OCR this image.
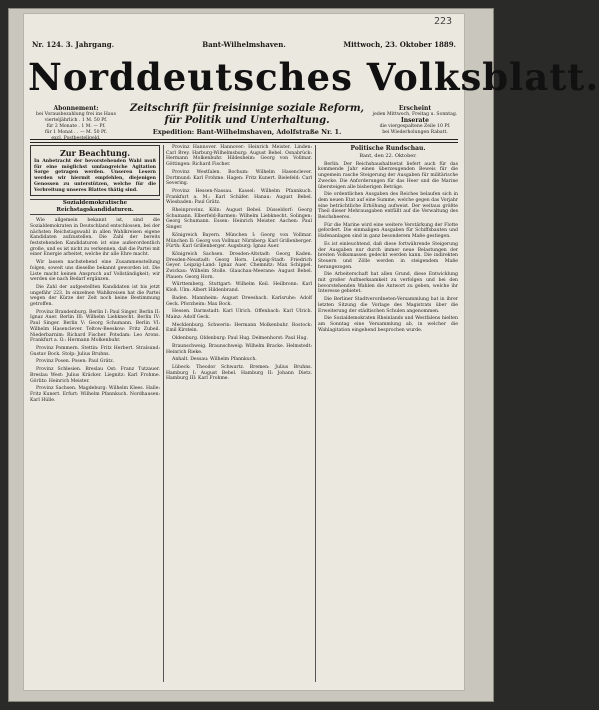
223
Nr. 124. 3. Jahrgang.	Bant-Wilhelmshaven.	Mittwoch, 23. Oktober 1889.
Norddeutsches Volksblatt.
Abonnement:
bei Vorausbezahlung frei ins Haus
vierteljährlich . 1 M. 50 Pf.
für 2 Monate . 1 M. — Pf.
für 1 Monat . . — M. 50 Pf.
excl. Postbestellgeld.
Zeitschrift für freisinnige soziale Reform,
für Politik und Unterhaltung.
Expedition: Bant-Wilhelmshaven, Adolfstraße Nr. 1.
Erscheint
jeden Mittwoch, Freitag u. Sonntag.
Inserate
die viergespaltene Zeile 10 Pf.
bei Wiederholungen Rabatt.
Zur Beachtung.
In Anbetracht der bevorstehenden Wahl muß für eine möglichst umfangreiche Agitation Sorge getragen werden. Unseren Lesern werden wir hiermit empfehlen, diejenigen Genossen zu unterstützen, welche für die Verbreitung unseres Blattes thätig sind.
Sozialdemokratische Reichstagskandidaturen.

Wie allgemein bekannt ist, sind die Sozialdemokraten in Deutschland entschlossen, bei der nächsten Reichstagswahl in allen Wahlkreisen eigene Kandidaten aufzustellen. Die Zahl der bereits feststehenden Kandidaturen ist eine außerordentlich große, und es ist nicht zu verkennen, daß die Partei mit einer Energie arbeitet, welche ihr alle Ehre macht.

Wir lassen nachstehend eine Zusammenstellung folgen, soweit uns dieselbe bekannt geworden ist. Die Liste macht keinen Anspruch auf Vollständigkeit; wir werden sie nach Bedarf ergänzen.

Die Zahl der aufgestellten Kandidaten ist bis jetzt ungefähr 223. In einzelnen Wahlkreisen hat die Partei wegen der Kürze der Zeit noch keine Bestimmung getroffen.

Provinz Brandenburg. Berlin I: Paul Singer. Berlin II: Ignaz Auer. Berlin III: Wilhelm Liebknecht. Berlin IV: Paul Singer. Berlin V: Georg Schumann. Berlin VI: Wilhelm Hasenclever. Teltow-Beeskow: Fritz Zubeil. Niederbarnim: Richard Fischer. Potsdam: Leo Arons. Frankfurt a. O.: Hermann Molkenbuhr.

Provinz Pommern. Stettin: Fritz Herbert. Stralsund: Gustav Bock. Stolp: Julius Bruhns.

Provinz Posen. Posen: Paul Grätz.

Provinz Schlesien. Breslau Ost: Franz Tutzauer. Breslau West: Julius Kräcker. Liegnitz: Karl Frohme. Görlitz: Heinrich Meister.

Provinz Sachsen. Magdeburg: Wilhelm Klees. Halle: Fritz Kunert. Erfurt: Wilhelm Pfannkuch. Nordhausen: Karl Hülle.

Provinz Hannover. Hannover: Heinrich Meister. Linden: Carl Brey. Harburg-Wilhelmsburg: August Bebel. Osnabrück: Hermann Molkenbuhr. Hildesheim: Georg von Vollmar. Göttingen: Richard Fischer.

Provinz Westfalen. Bochum: Wilhelm Hasenclever. Dortmund: Karl Frohme. Hagen: Fritz Kunert. Bielefeld: Carl Severing.

Provinz Hessen-Nassau. Kassel: Wilhelm Pfannkuch. Frankfurt a. M.: Karl Schäfer. Hanau: August Bebel. Wiesbaden: Paul Grätz.

Rheinprovinz. Köln: August Bebel. Düsseldorf: Georg Schumann. Elberfeld-Barmen: Wilhelm Liebknecht. Solingen: Georg Schumann. Essen: Heinrich Meister. Aachen: Paul Singer.

Königreich Bayern. München I: Georg von Vollmar. München II: Georg von Vollmar. Nürnberg: Karl Grillenberger. Fürth: Karl Grillenberger. Augsburg: Ignaz Auer.

Königreich Sachsen. Dresden-Altstadt: Georg Kaden. Dresden-Neustadt: Georg Horn. Leipzig-Stadt: Friedrich Geyer. Leipzig-Land: Ignaz Auer. Chemnitz: Max Schippel. Zwickau: Wilhelm Stolle. Glauchau-Meerane: August Bebel. Plauen: Georg Horn.

Württemberg. Stuttgart: Wilhelm Keil. Heilbronn: Karl Kloß. Ulm: Albert Hildenbrand.

Baden. Mannheim: August Dreesbach. Karlsruhe: Adolf Geck. Pforzheim: Max Bock.

Hessen. Darmstadt: Karl Ulrich. Offenbach: Karl Ulrich. Mainz: Adolf Geck.

Mecklenburg. Schwerin: Hermann Molkenbuhr. Rostock: Emil Kirstein.

Oldenburg. Oldenburg: Paul Hug. Delmenhorst: Paul Hug.

Braunschweig. Braunschweig: Wilhelm Bracke. Helmstedt: Heinrich Rieke.

Anhalt. Dessau: Wilhelm Pfannkuch.

Lübeck: Theodor Schwartz. Bremen: Julius Bruhns. Hamburg I: August Bebel. Hamburg II: Johann Dietz. Hamburg III: Karl Frohme.

Politische Rundschau.
Bant, den 22. Oktober.

Berlin. Der Reichshaushaltsetat liefert auch für das kommende Jahr einen überzeugenden Beweis für die ungemein rasche Steigerung der Ausgaben für militärische Zwecke. Die Anforderungen für das Heer und die Marine übersteigen alle bisherigen Beträge.

Die ordentlichen Ausgaben des Reiches belaufen sich in dem neuen Etat auf eine Summe, welche gegen das Vorjahr eine beträchtliche Erhöhung aufweist. Der weitaus größte Theil dieser Mehrausgaben entfällt auf die Verwaltung des Reichsheeres.

Für die Marine wird eine weitere Verstärkung der Flotte gefordert. Die einmaligen Ausgaben für Schiffsbauten und Hafenanlagen sind in ganz besonderem Maße gestiegen.

Es ist einleuchtend, daß diese fortwährende Steigerung der Ausgaben nur durch immer neue Belastungen der breiten Volksmassen gedeckt werden kann. Die indirekten Steuern und Zölle werden in steigendem Maße herangezogen.

Die Arbeiterschaft hat allen Grund, diese Entwicklung mit großer Aufmerksamkeit zu verfolgen und bei den bevorstehenden Wahlen die Antwort zu geben, welche ihr Interesse gebietet.

Die Berliner Stadtverordneten-Versammlung hat in ihrer letzten Sitzung die Vorlage des Magistrats über die Erweiterung der städtischen Schulen angenommen.

Die Sozialdemokraten Rheinlands und Westfalens hielten am Sonntag eine Versammlung ab, in welcher die Wahlagitation eingehend besprochen wurde.
